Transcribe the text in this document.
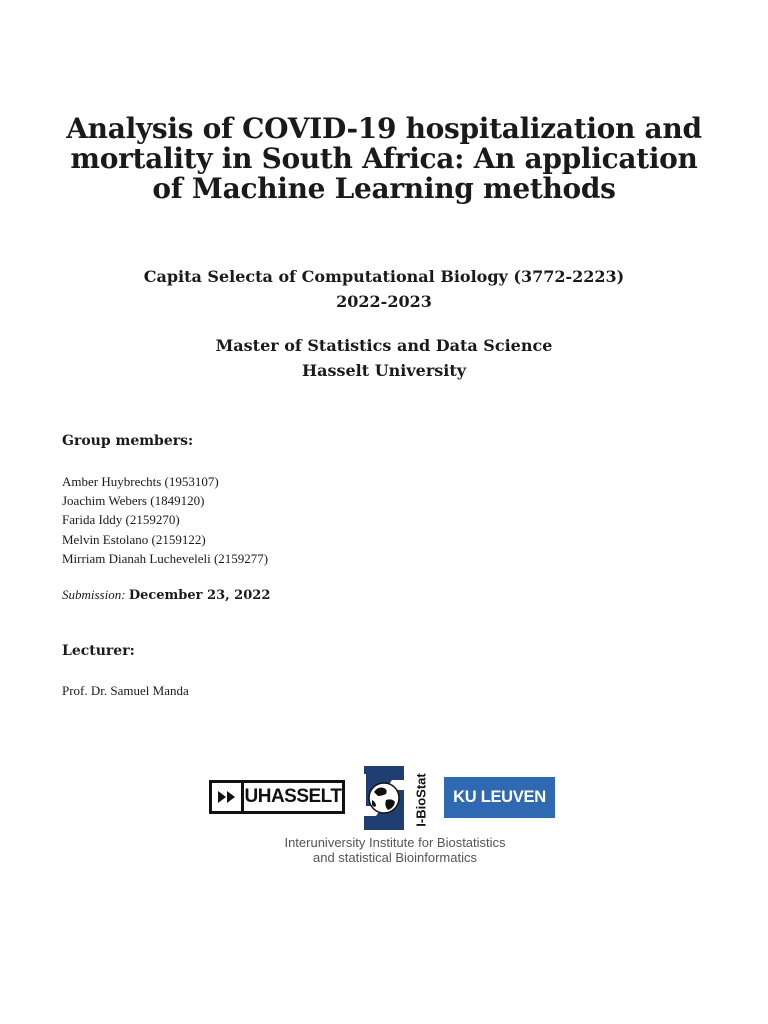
Analysis of COVID-19 hospitalization and
mortality in South Africa: An application
of Machine Learning methods
Capita Selecta of Computational Biology (3772-2223)
2022-2023
Master of Statistics and Data Science
Hasselt University
Group members:
Amber Huybrechts (1953107)
Joachim Webers (1849120)
Farida Iddy (2159270)
Melvin Estolano (2159122)
Mirriam Dianah Lucheveleli (2159277)
Submission: December 23, 2022
Lecturer:
Prof. Dr. Samuel Manda
UHASSELT	I-BioStat KU LEUVEN
Interuniversity Institute for Biostatistics
and statistical Bioinformatics
